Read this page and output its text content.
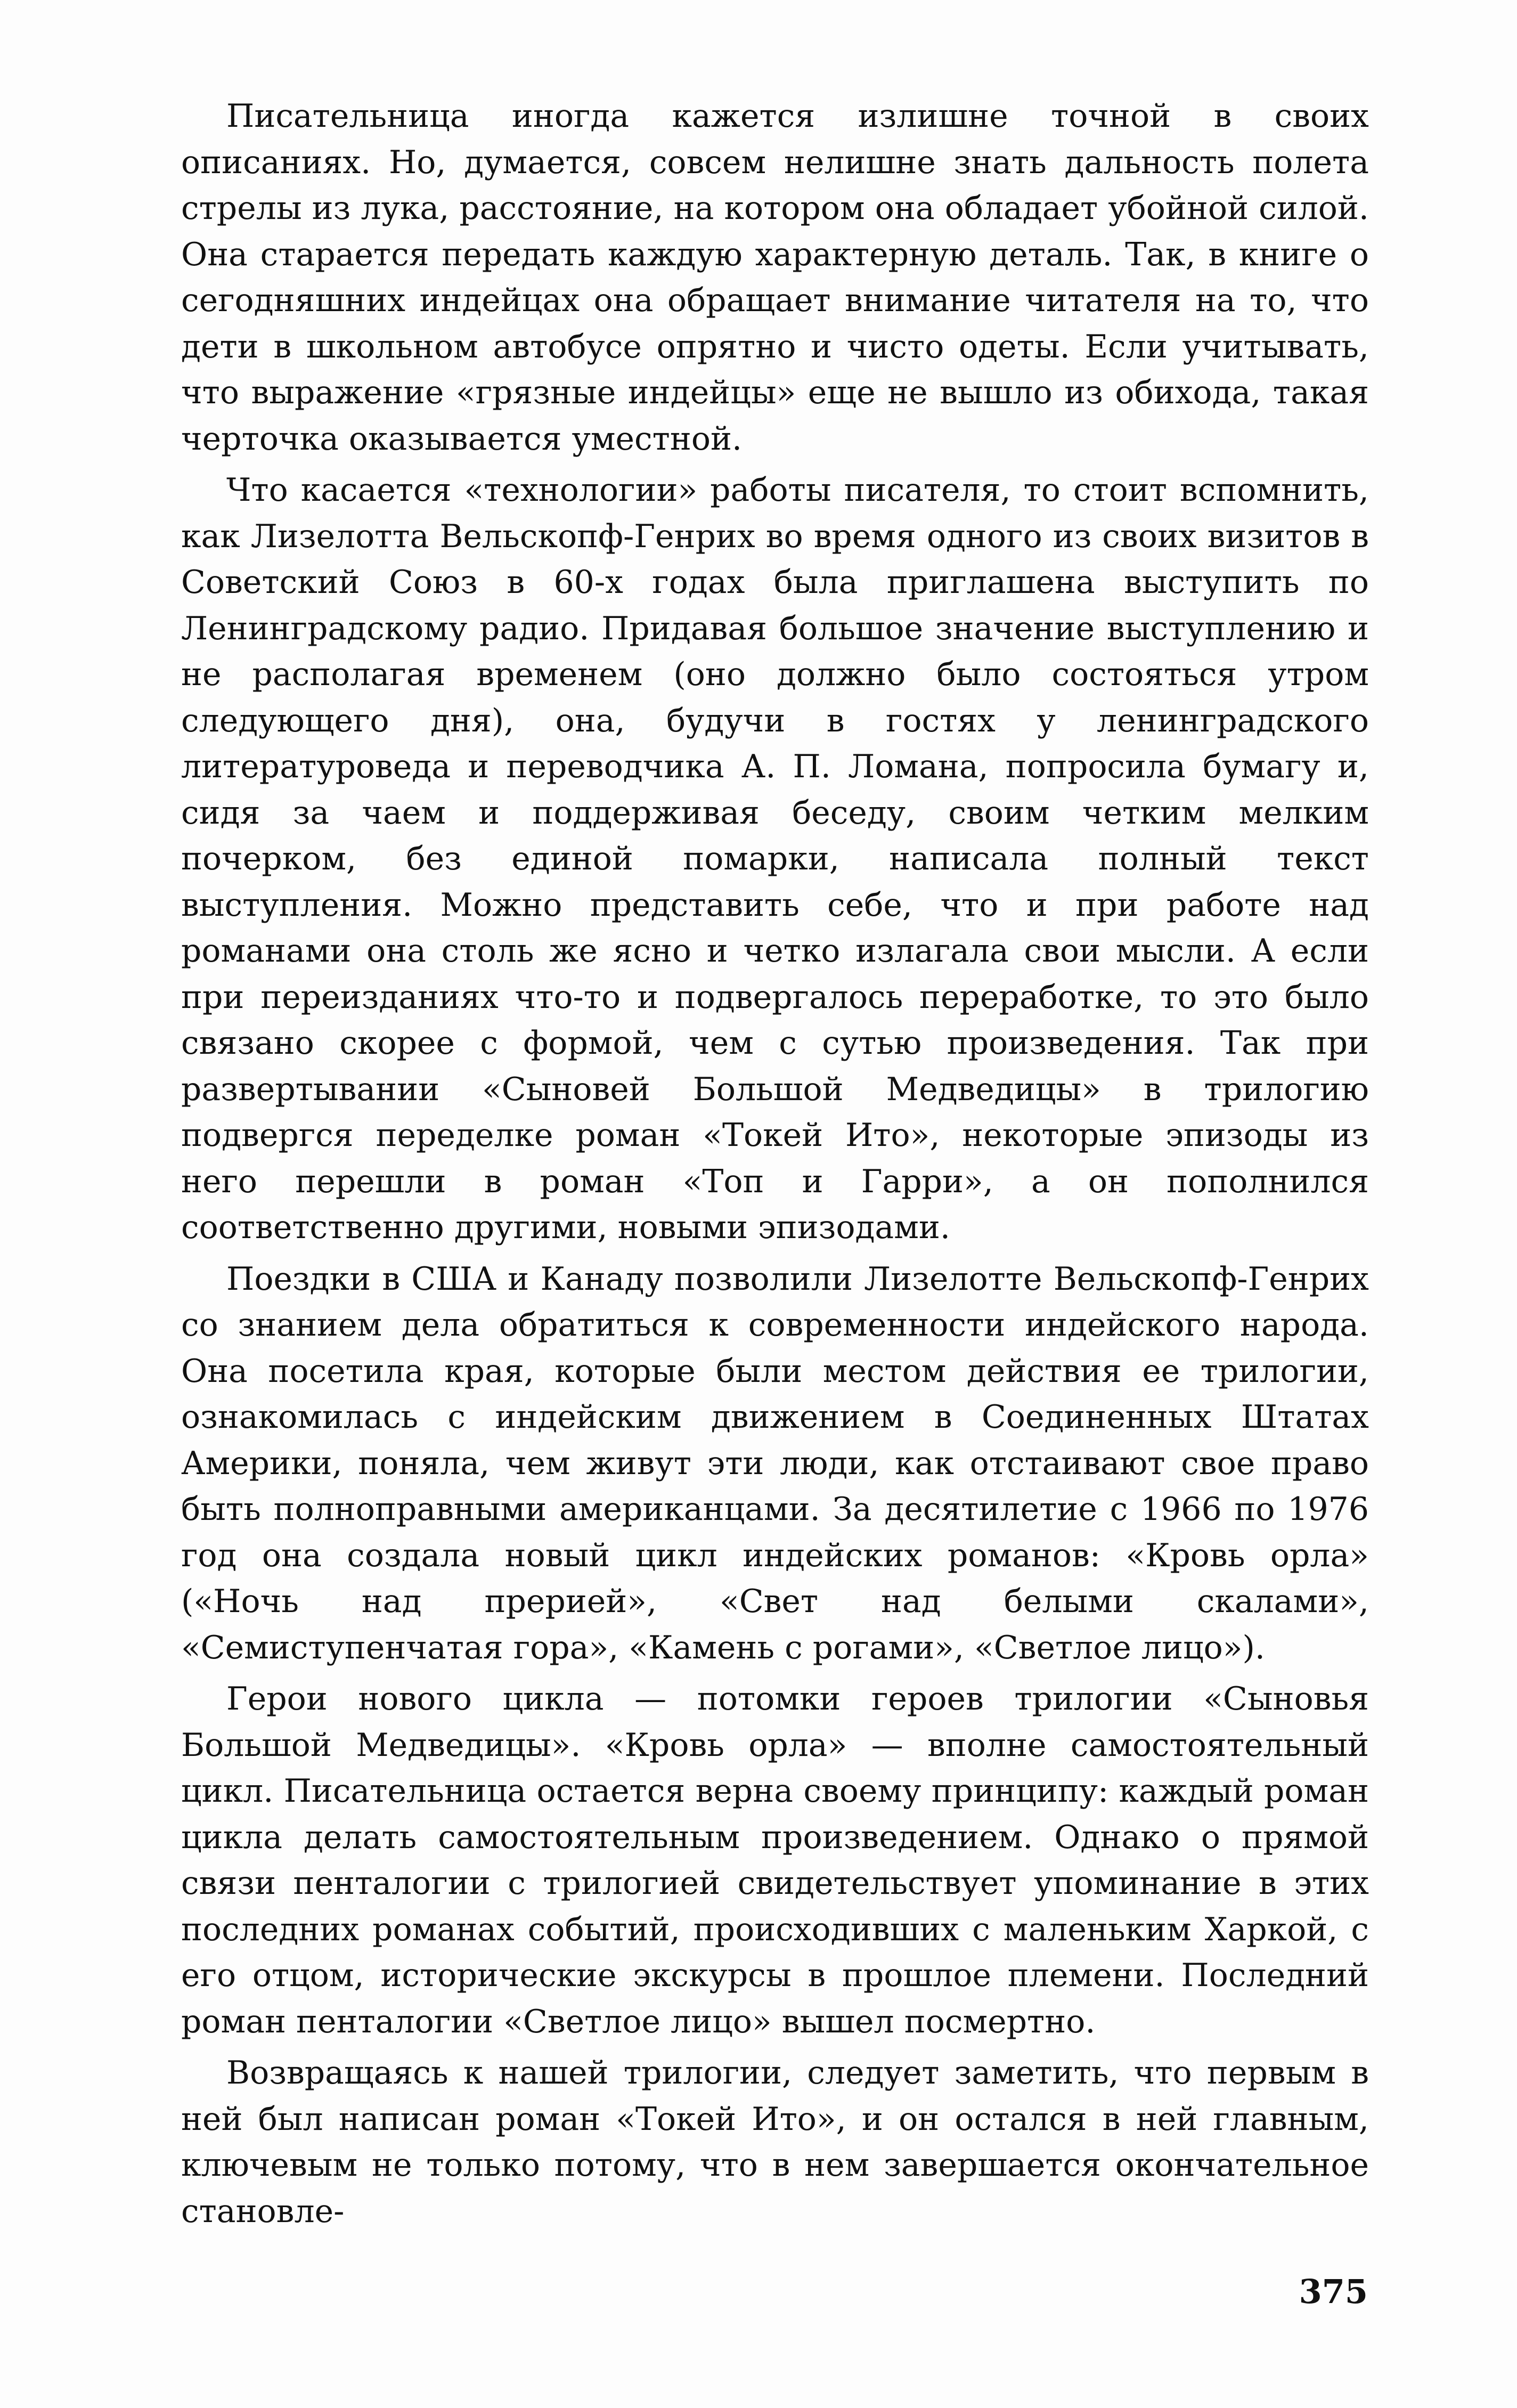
Писательница иногда кажется излишне точной в своих описаниях. Но, думается, совсем нелишне знать дальность полета стрелы из лука, расстояние, на котором она обладает убойной силой. Она старается передать каждую характерную деталь. Так, в книге о сегодняшних индейцах она обращает внимание читателя на то, что дети в школьном автобусе опрятно и чисто одеты. Если учитывать, что выражение «грязные индейцы» еще не вышло из обихода, такая черточка оказывается уместной.

Что касается «технологии» работы писателя, то стоит вспомнить, как Лизелотта Вельскопф-Генрих во время одного из своих визитов в Советский Союз в 60-х годах была приглашена выступить по Ленинградскому радио. Придавая большое значение выступлению и не располагая временем (оно должно было состояться утром следующего дня), она, будучи в гостях у ленинградского литературоведа и переводчика А. П. Ломана, попросила бумагу и, сидя за чаем и поддерживая беседу, своим четким мелким почерком, без единой помарки, написала полный текст выступления. Можно представить себе, что и при работе над романами она столь же ясно и четко излагала свои мысли. А если при переизданиях что-то и подвергалось переработке, то это было связано скорее с формой, чем с сутью произведения. Так при развертывании «Сыновей Большой Медведицы» в трилогию подвергся переделке роман «Токей Ито», некоторые эпизоды из него перешли в роман «Топ и Гарри», а он пополнился соответственно другими, новыми эпизодами.

Поездки в США и Канаду позволили Лизелотте Вельскопф-Генрих со знанием дела обратиться к современности индейского народа. Она посетила края, которые были местом действия ее трилогии, ознакомилась с индейским движением в Соединенных Штатах Америки, поняла, чем живут эти люди, как отстаивают свое право быть полноправными американцами. За десятилетие с 1966 по 1976 год она создала новый цикл индейских романов: «Кровь орла» («Ночь над прерией», «Свет над белыми скалами», «Семиступенчатая гора», «Камень с рогами», «Светлое лицо»).

Герои нового цикла — потомки героев трилогии «Сыновья Большой Медведицы». «Кровь орла» — вполне самостоятельный цикл. Писательница остается верна своему принципу: каждый роман цикла делать самостоятельным произведением. Однако о прямой связи пенталогии с трилогией свидетельствует упоминание в этих последних романах событий, происходивших с маленьким Харкой, с его отцом, исторические экскурсы в прошлое племени. Последний роман пенталогии «Светлое лицо» вышел посмертно.

Возвращаясь к нашей трилогии, следует заметить, что первым в ней был написан роман «Токей Ито», и он остался в ней главным, ключевым не только потому, что в нем завершается окончательное становле-

375
